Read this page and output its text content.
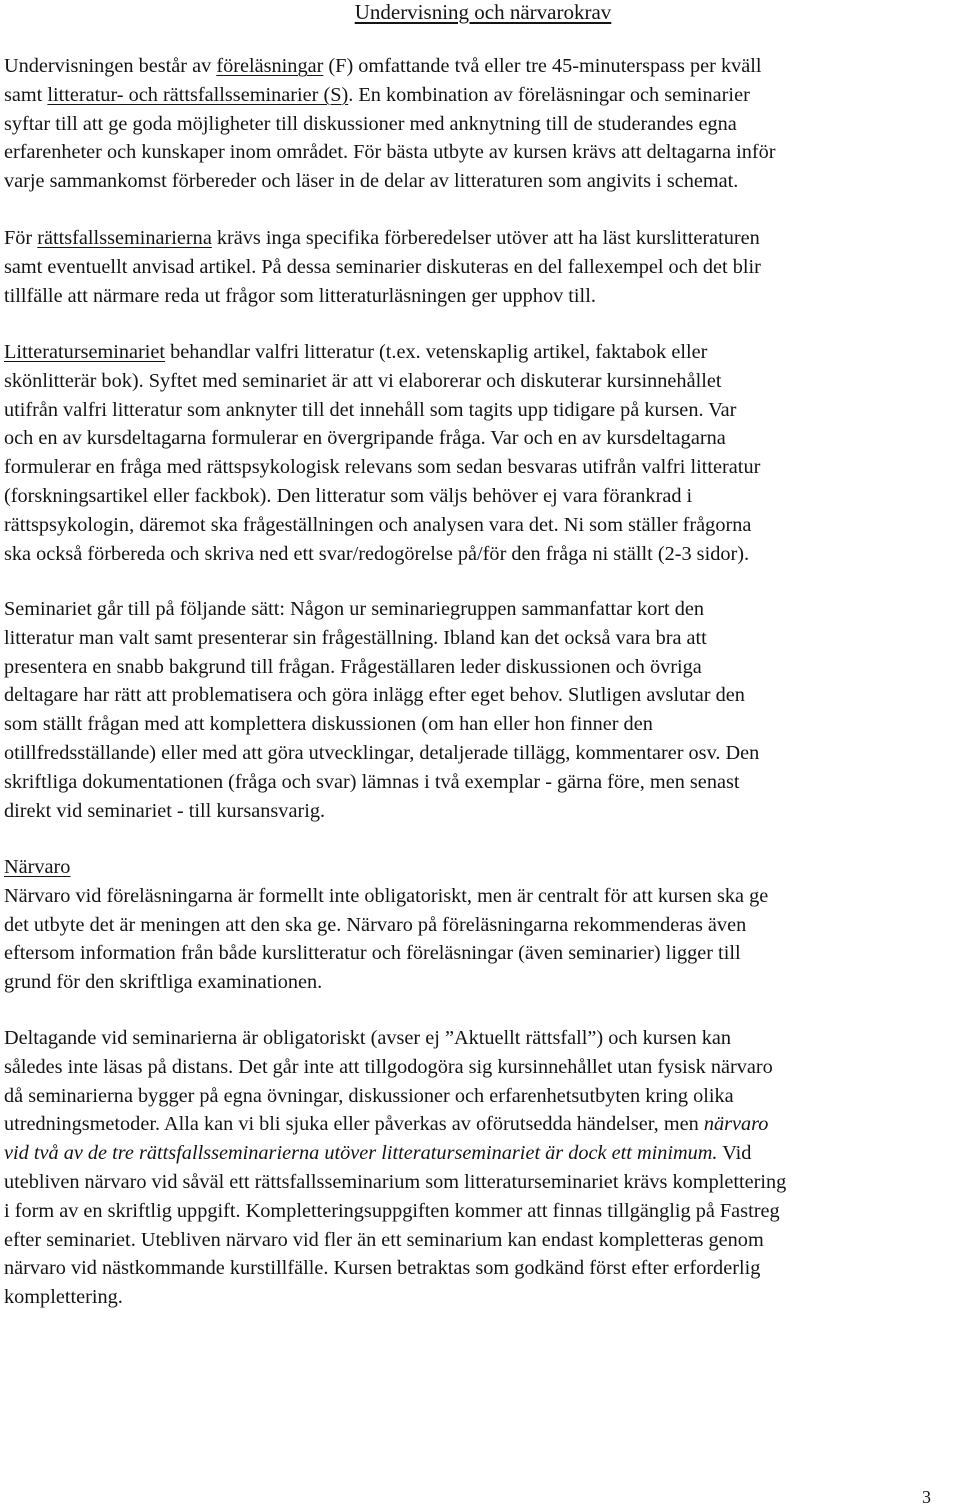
Undervisning och närvarokrav

Undervisningen består av föreläsningar (F) omfattande två eller tre 45-minuterspass per kväll
samt litteratur- och rättsfallsseminarier (S). En kombination av föreläsningar och seminarier
syftar till att ge goda möjligheter till diskussioner med anknytning till de studerandes egna
erfarenheter och kunskaper inom området. För bästa utbyte av kursen krävs att deltagarna inför
varje sammankomst förbereder och läser in de delar av litteraturen som angivits i schemat.

För rättsfallsseminarierna krävs inga specifika förberedelser utöver att ha läst kurslitteraturen
samt eventuellt anvisad artikel. På dessa seminarier diskuteras en del fallexempel och det blir
tillfälle att närmare reda ut frågor som litteraturläsningen ger upphov till.

Litteraturseminariet behandlar valfri litteratur (t.ex. vetenskaplig artikel, faktabok eller
skönlitterär bok). Syftet med seminariet är att vi elaborerar och diskuterar kursinnehållet
utifrån valfri litteratur som anknyter till det innehåll som tagits upp tidigare på kursen. Var
och en av kursdeltagarna formulerar en övergripande fråga. Var och en av kursdeltagarna
formulerar en fråga med rättspsykologisk relevans som sedan besvaras utifrån valfri litteratur
(forskningsartikel eller fackbok). Den litteratur som väljs behöver ej vara förankrad i
rättspsykologin, däremot ska frågeställningen och analysen vara det. Ni som ställer frågorna
ska också förbereda och skriva ned ett svar/redogörelse på/för den fråga ni ställt (2-3 sidor).

Seminariet går till på följande sätt: Någon ur seminariegruppen sammanfattar kort den
litteratur man valt samt presenterar sin frågeställning. Ibland kan det också vara bra att
presentera en snabb bakgrund till frågan. Frågeställaren leder diskussionen och övriga
deltagare har rätt att problematisera och göra inlägg efter eget behov. Slutligen avslutar den
som ställt frågan med att komplettera diskussionen (om han eller hon finner den
otillfredsställande) eller med att göra utvecklingar, detaljerade tillägg, kommentarer osv. Den
skriftliga dokumentationen (fråga och svar) lämnas i två exemplar - gärna före, men senast
direkt vid seminariet - till kursansvarig.

Närvaro
Närvaro vid föreläsningarna är formellt inte obligatoriskt, men är centralt för att kursen ska ge
det utbyte det är meningen att den ska ge. Närvaro på föreläsningarna rekommenderas även
eftersom information från både kurslitteratur och föreläsningar (även seminarier) ligger till
grund för den skriftliga examinationen.

Deltagande vid seminarierna är obligatoriskt (avser ej ”Aktuellt rättsfall”) och kursen kan
således inte läsas på distans. Det går inte att tillgodogöra sig kursinnehållet utan fysisk närvaro
då seminarierna bygger på egna övningar, diskussioner och erfarenhetsutbyten kring olika
utredningsmetoder. Alla kan vi bli sjuka eller påverkas av oförutsedda händelser, men närvaro
vid två av de tre rättsfallsseminarierna utöver litteraturseminariet är dock ett minimum. Vid
utebliven närvaro vid såväl ett rättsfallsseminarium som litteraturseminariet krävs komplettering
i form av en skriftlig uppgift. Kompletteringsuppgiften kommer att finnas tillgänglig på Fastreg
efter seminariet. Utebliven närvaro vid fler än ett seminarium kan endast kompletteras genom
närvaro vid nästkommande kurstillfälle. Kursen betraktas som godkänd först efter erforderlig
komplettering.

3
